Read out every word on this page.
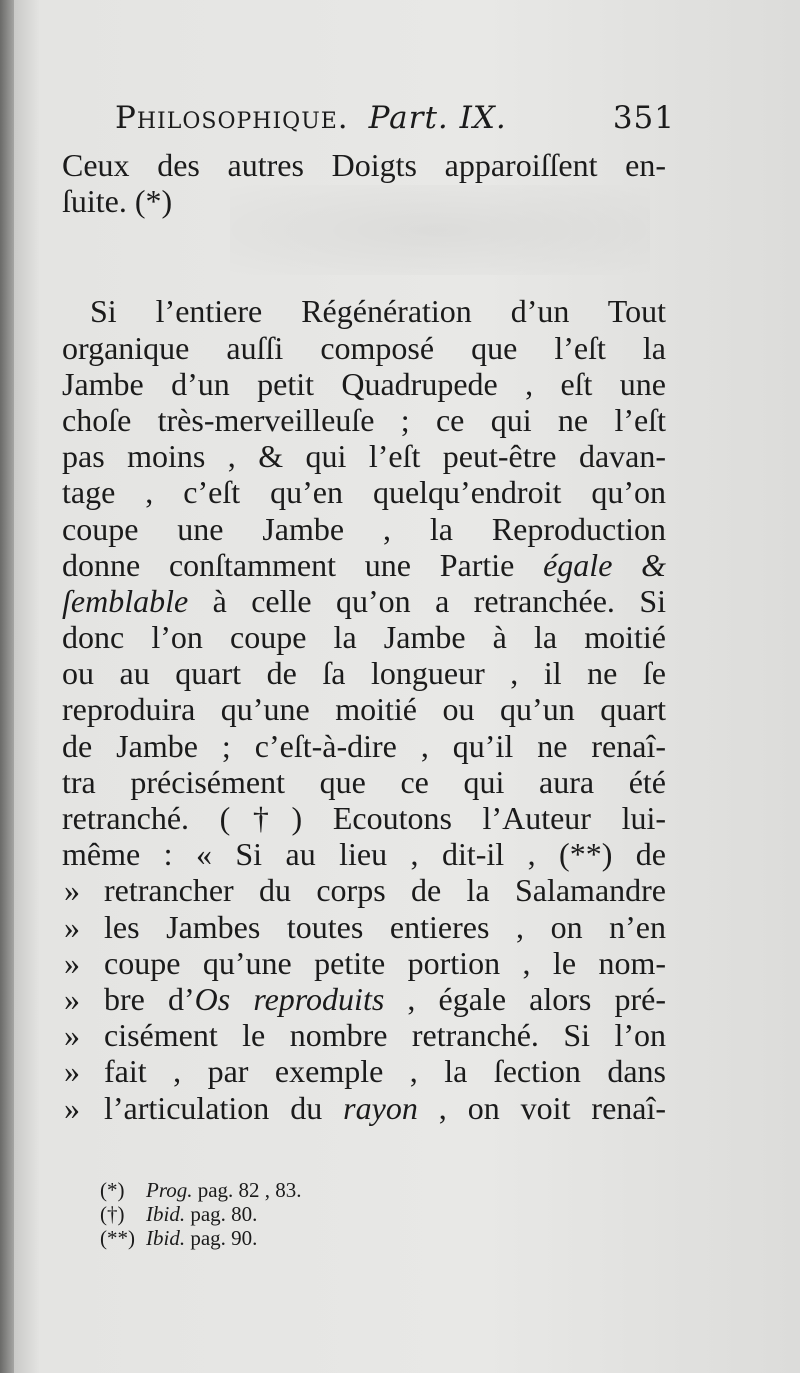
Philosophique. Part. IX.	351
Ceux des autres Doigts apparoiſſent en-
ſuite. (*)
Si l’entiere Régénération d’un Tout
organique auſſi composé que l’eſt la
Jambe d’un petit Quadrupede , eſt une
choſe très-merveilleuſe ; ce qui ne l’eſt
pas moins , & qui l’eſt peut-être davan-
tage , c’eſt qu’en quelqu’endroit qu’on
coupe une Jambe , la Reproduction
donne conſtamment une Partie égale &
ſemblable à celle qu’on a retranchée. Si
donc l’on coupe la Jambe à la moitié
ou au quart de ſa longueur , il ne ſe
reproduira qu’une moitié ou qu’un quart
de Jambe ; c’eſt-à-dire , qu’il ne renaî-
tra précisément que ce qui aura été
retranché. (†) Ecoutons l’Auteur lui-
même : « Si au lieu , dit-il , (**) de
» retrancher du corps de la Salamandre
» les Jambes toutes entieres , on n’en
» coupe qu’une petite portion , le nom-
» bre d’Os reproduits , égale alors pré-
» cisément le nombre retranché. Si l’on
» fait , par exemple , la ſection dans
» l’articulation du rayon , on voit renaî-
(*) Prog. pag. 82 , 83.
(†) Ibid. pag. 80.
(**) Ibid. pag. 90.
